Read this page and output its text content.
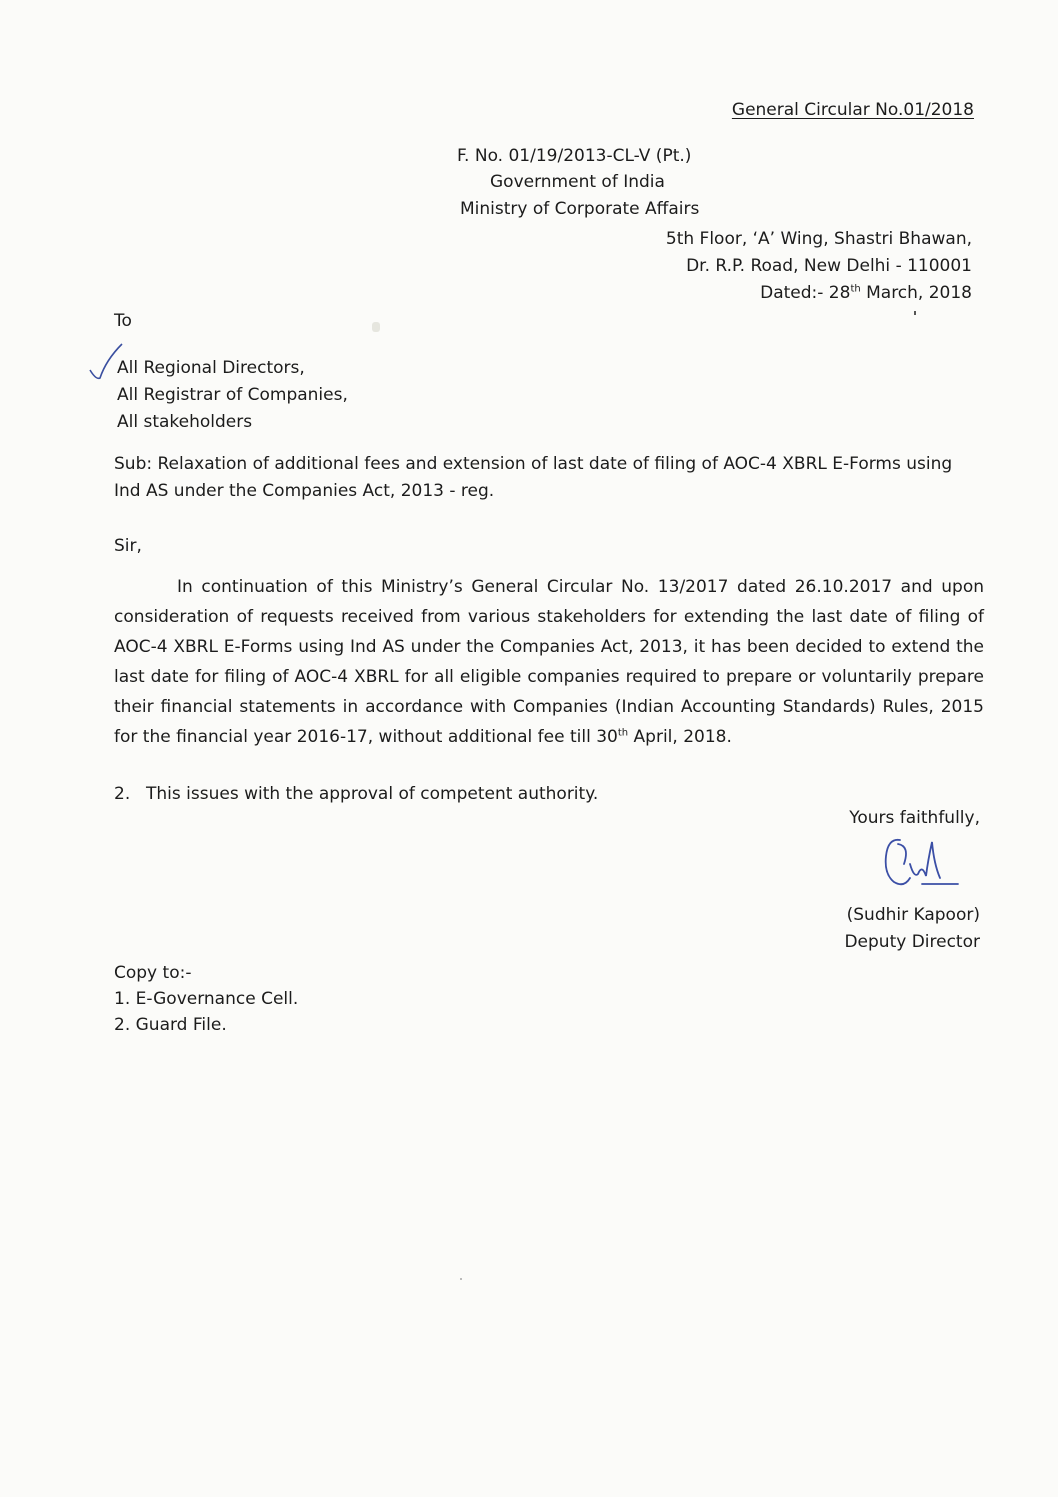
General Circular No.01/2018
F. No. 01/19/2013-CL-V (Pt.)
Government of India
Ministry of Corporate Affairs
5th Floor, ‘A’ Wing, Shastri Bhawan,
Dr. R.P. Road, New Delhi - 110001
Dated:- 28th March, 2018
To
All Regional Directors,
All Registrar of Companies,
All stakeholders
Sub: Relaxation of additional fees and extension of last date of filing of AOC-4 XBRL E-Forms using Ind AS under the Companies Act, 2013 - reg.
Sir,
In continuation of this Ministry’s General Circular No. 13/2017 dated 26.10.2017 and upon consideration of requests received from various stakeholders for extending the last date of filing of AOC-4 XBRL E-Forms using Ind AS under the Companies Act, 2013, it has been decided to extend the last date for filing of AOC-4 XBRL for all eligible companies required to prepare or voluntarily prepare their financial statements in accordance with Companies (Indian Accounting Standards) Rules, 2015 for the financial year 2016-17, without additional fee till 30th April, 2018.
2. This issues with the approval of competent authority.
Yours faithfully,
(Sudhir Kapoor)
Deputy Director
Copy to:-
1. E-Governance Cell.
2. Guard File.
